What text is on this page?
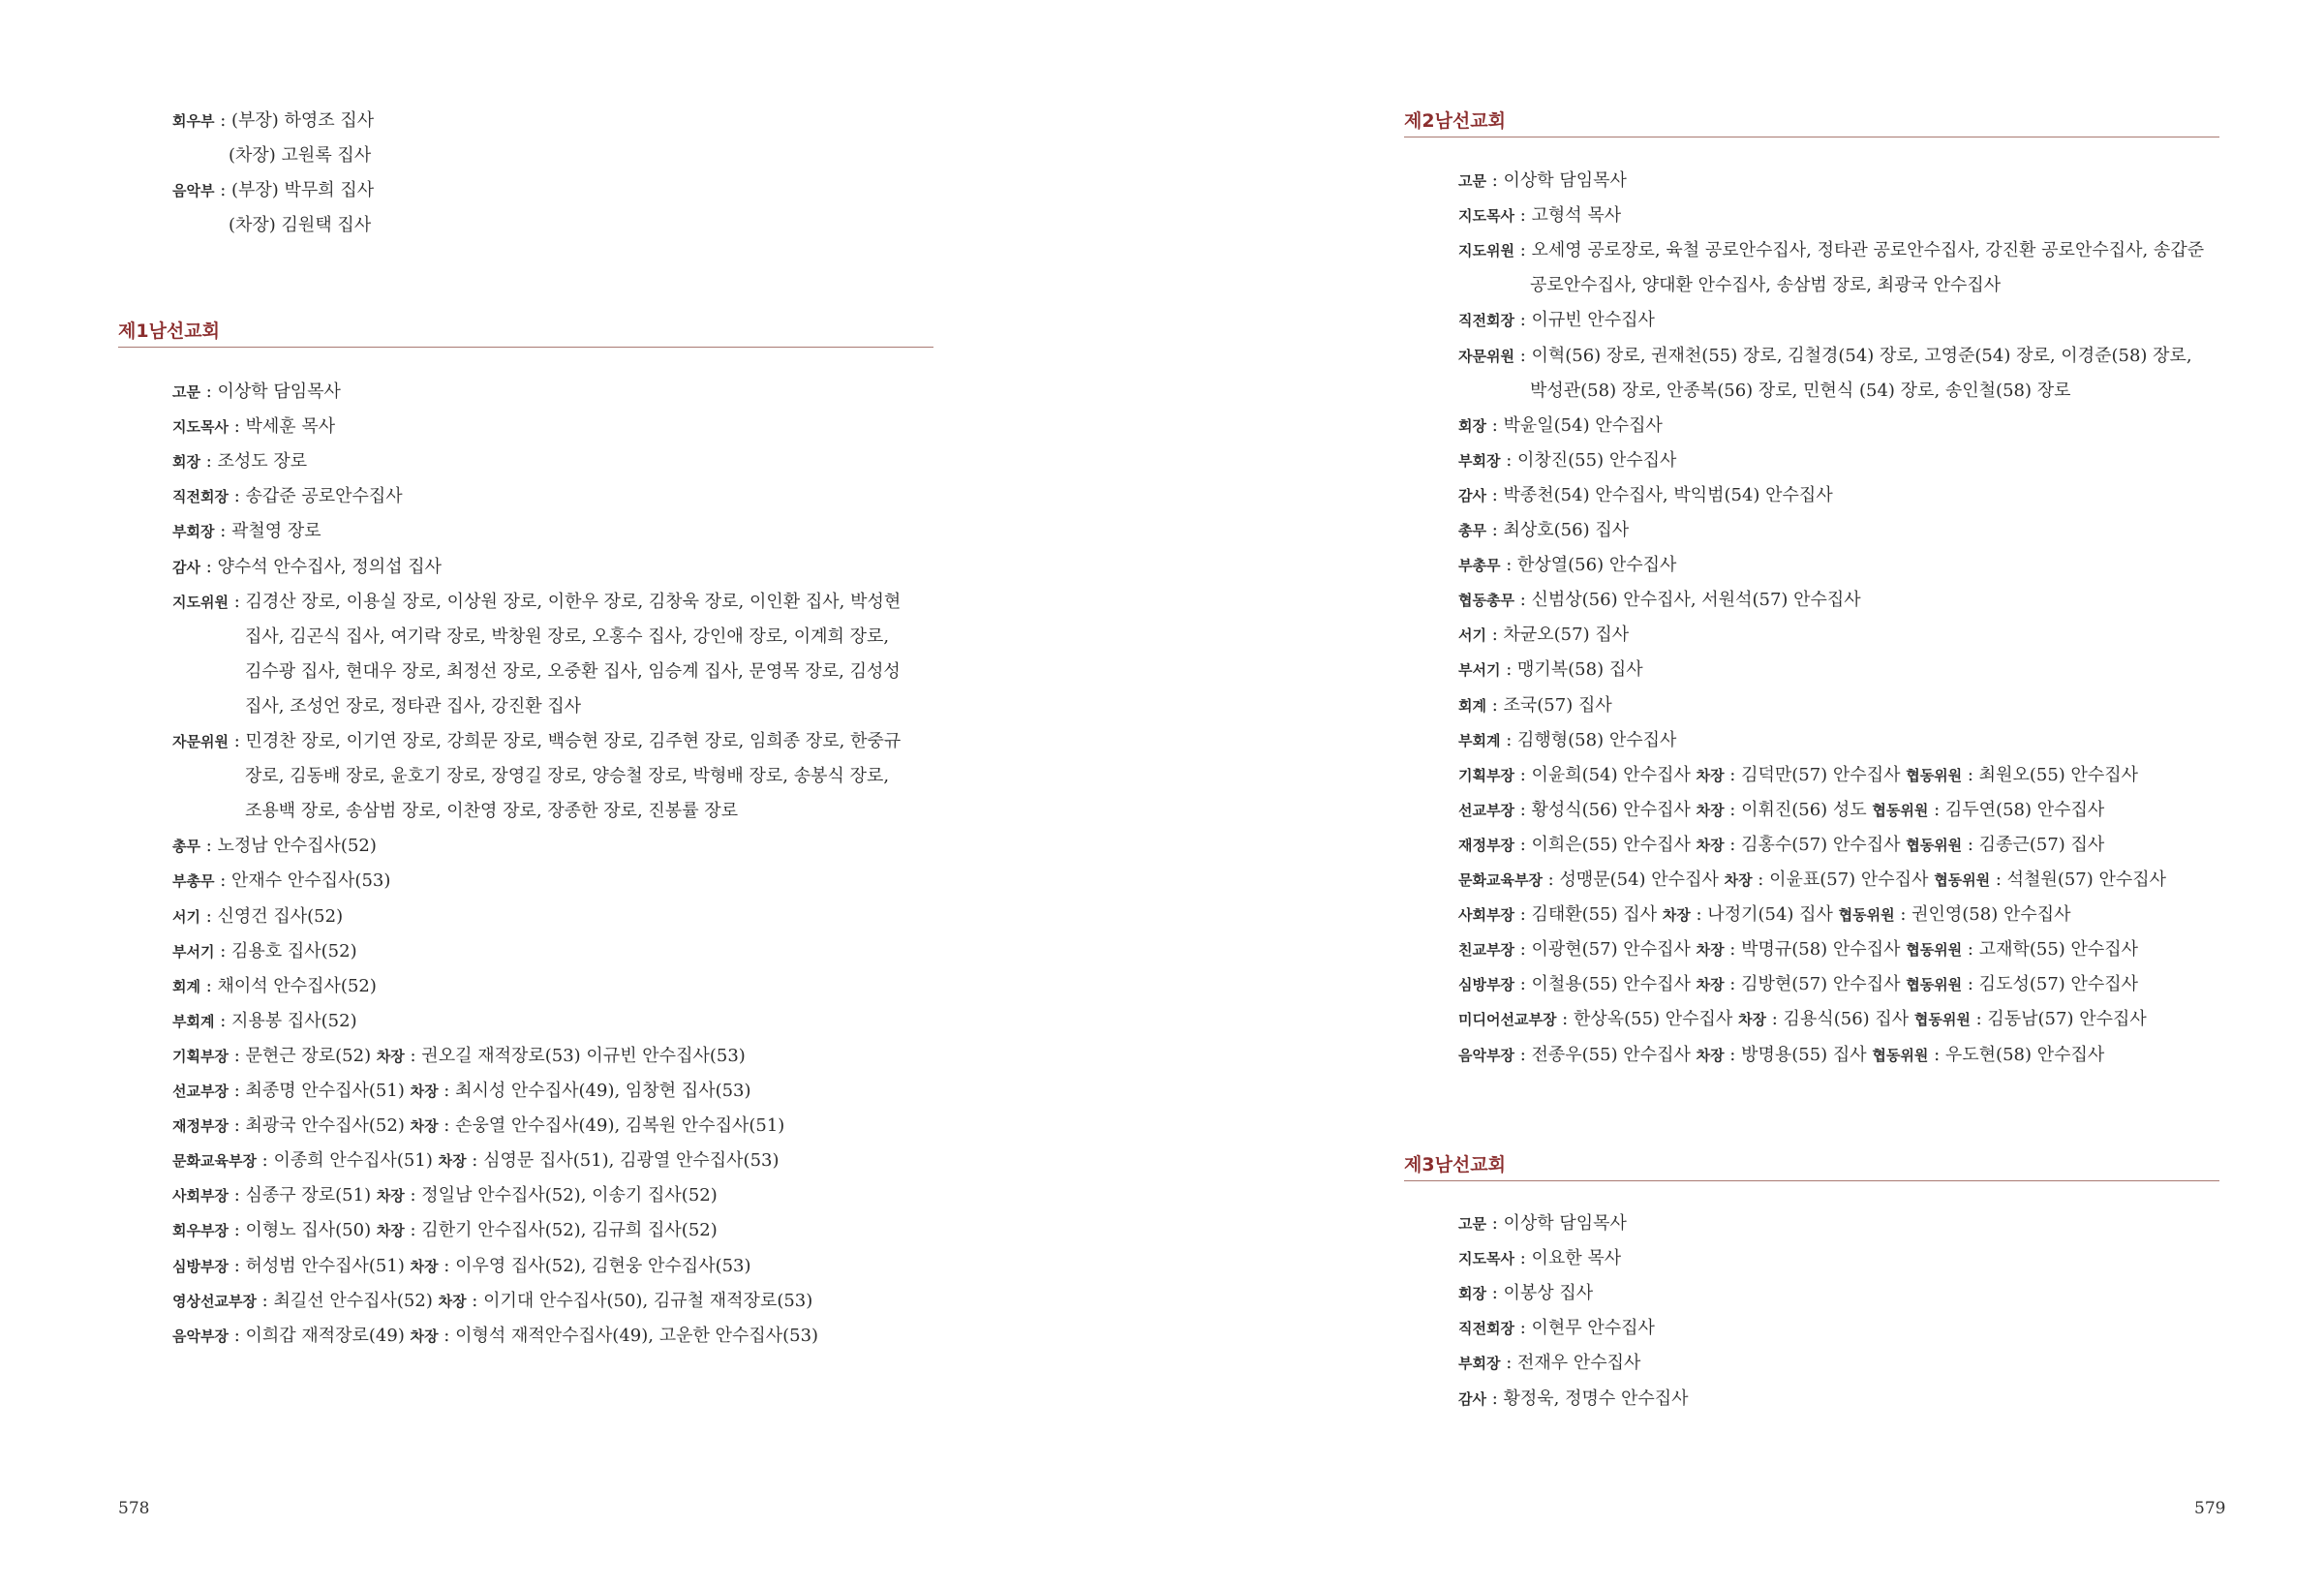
회우부 : (부장) 하영조 집사
(차장) 고원록 집사
음악부 : (부장) 박무희 집사
(차장) 김원택 집사
제1남선교회
고문 : 이상학 담임목사
지도목사 : 박세훈 목사
회장 : 조성도 장로
직전회장 : 송갑준 공로안수집사
부회장 : 곽철영 장로
감사 : 양수석 안수집사, 정의섭 집사
지도위원 : 김경산 장로, 이용실 장로, 이상원 장로, 이한우 장로, 김창욱 장로, 이인환 집사, 박성현
집사, 김곤식 집사, 여기락 장로, 박창원 장로, 오홍수 집사, 강인애 장로, 이계희 장로,
김수광 집사, 현대우 장로, 최정선 장로, 오중환 집사, 임승계 집사, 문영목 장로, 김성성
집사, 조성언 장로, 정타관 집사, 강진환 집사
자문위원 : 민경찬 장로, 이기연 장로, 강희문 장로, 백승현 장로, 김주현 장로, 임희종 장로, 한중규
장로, 김동배 장로, 윤호기 장로, 장영길 장로, 양승철 장로, 박형배 장로, 송봉식 장로,
조용백 장로, 송삼범 장로, 이찬영 장로, 장종한 장로, 진봉률 장로
총무 : 노정남 안수집사(52)
부총무 : 안재수 안수집사(53)
서기 : 신영건 집사(52)
부서기 : 김용호 집사(52)
회계 : 채이석 안수집사(52)
부회계 : 지용봉 집사(52)
기획부장 : 문현근 장로(52) 차장 : 권오길 재적장로(53) 이규빈 안수집사(53)
선교부장 : 최종명 안수집사(51) 차장 : 최시성 안수집사(49), 임창현 집사(53)
재정부장 : 최광국 안수집사(52) 차장 : 손웅열 안수집사(49), 김복원 안수집사(51)
문화교육부장 : 이종희 안수집사(51) 차장 : 심영문 집사(51), 김광열 안수집사(53)
사회부장 : 심종구 장로(51) 차장 : 정일남 안수집사(52), 이송기 집사(52)
회우부장 : 이형노 집사(50) 차장 : 김한기 안수집사(52), 김규희 집사(52)
심방부장 : 허성범 안수집사(51) 차장 : 이우영 집사(52), 김현웅 안수집사(53)
영상선교부장 : 최길선 안수집사(52) 차장 : 이기대 안수집사(50), 김규철 재적장로(53)
음악부장 : 이희갑 재적장로(49) 차장 : 이형석 재적안수집사(49), 고운한 안수집사(53)
578
제2남선교회
고문 : 이상학 담임목사
지도목사 : 고형석 목사
지도위원 : 오세영 공로장로, 육철 공로안수집사, 정타관 공로안수집사, 강진환 공로안수집사, 송갑준
공로안수집사, 양대환 안수집사, 송삼범 장로, 최광국 안수집사
직전회장 : 이규빈 안수집사
자문위원 : 이혁(56) 장로, 권재천(55) 장로, 김철경(54) 장로, 고영준(54) 장로, 이경준(58) 장로,
박성관(58) 장로, 안종복(56) 장로, 민현식 (54) 장로, 송인철(58) 장로
회장 : 박윤일(54) 안수집사
부회장 : 이창진(55) 안수집사
감사 : 박종천(54) 안수집사, 박익범(54) 안수집사
총무 : 최상호(56) 집사
부총무 : 한상열(56) 안수집사
협동총무 : 신범상(56) 안수집사, 서원석(57) 안수집사
서기 : 차균오(57) 집사
부서기 : 맹기복(58) 집사
회계 : 조국(57) 집사
부회계 : 김행형(58) 안수집사
기획부장 : 이윤희(54) 안수집사 차장 : 김덕만(57) 안수집사 협동위원 : 최원오(55) 안수집사
선교부장 : 황성식(56) 안수집사 차장 : 이휘진(56) 성도 협동위원 : 김두연(58) 안수집사
재정부장 : 이희은(55) 안수집사 차장 : 김홍수(57) 안수집사 협동위원 : 김종근(57) 집사
문화교육부장 : 성맹문(54) 안수집사 차장 : 이윤표(57) 안수집사 협동위원 : 석철원(57) 안수집사
사회부장 : 김태환(55) 집사 차장 : 나정기(54) 집사 협동위원 : 권인영(58) 안수집사
친교부장 : 이광현(57) 안수집사 차장 : 박명규(58) 안수집사 협동위원 : 고재학(55) 안수집사
심방부장 : 이철용(55) 안수집사 차장 : 김방현(57) 안수집사 협동위원 : 김도성(57) 안수집사
미디어선교부장 : 한상옥(55) 안수집사 차장 : 김용식(56) 집사 협동위원 : 김동남(57) 안수집사
음악부장 : 전종우(55) 안수집사 차장 : 방명용(55) 집사 협동위원 : 우도현(58) 안수집사
제3남선교회
고문 : 이상학 담임목사
지도목사 : 이요한 목사
회장 : 이봉상 집사
직전회장 : 이현무 안수집사
부회장 : 전재우 안수집사
감사 : 황정욱, 정명수 안수집사
579
